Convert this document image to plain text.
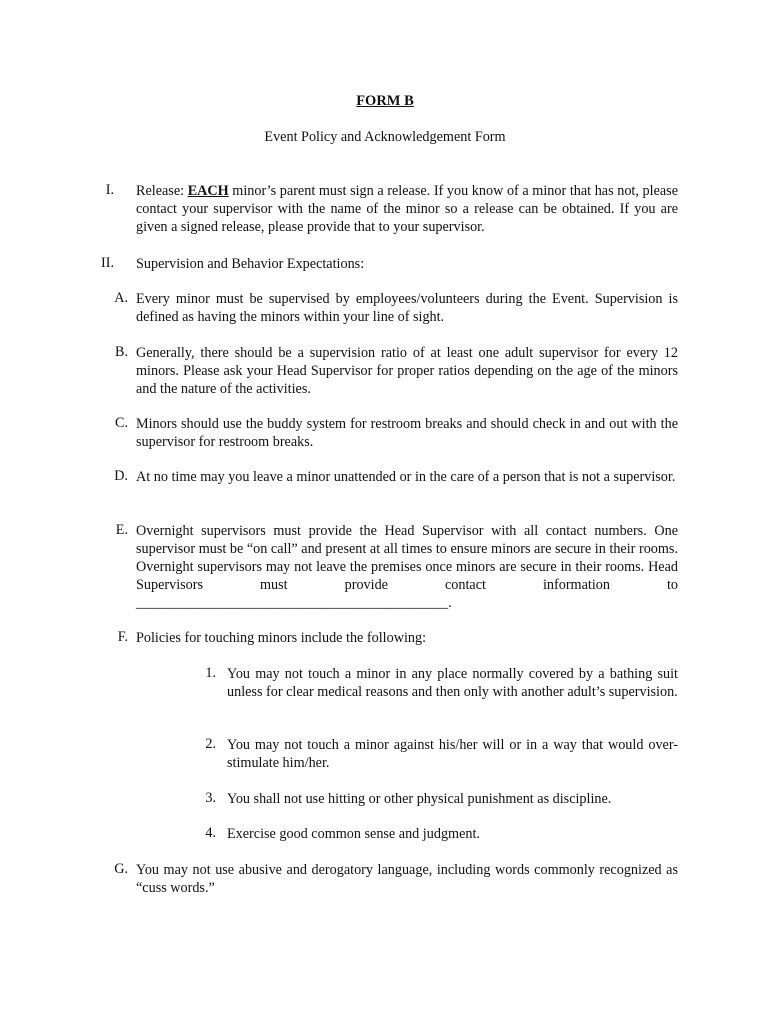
FORM B
Event Policy and Acknowledgement Form
I. Release: EACH minor’s parent must sign a release. If you know of a minor that has not, please contact your supervisor with the name of the minor so a release can be obtained. If you are given a signed release, please provide that to your supervisor.
II. Supervision and Behavior Expectations:
A. Every minor must be supervised by employees/volunteers during the Event. Supervision is defined as having the minors within your line of sight.
B. Generally, there should be a supervision ratio of at least one adult supervisor for every 12 minors. Please ask your Head Supervisor for proper ratios depending on the age of the minors and the nature of the activities.
C. Minors should use the buddy system for restroom breaks and should check in and out with the supervisor for restroom breaks.
D. At no time may you leave a minor unattended or in the care of a person that is not a supervisor.
E. Overnight supervisors must provide the Head Supervisor with all contact numbers. One supervisor must be “on call” and present at all times to ensure minors are secure in their rooms. Overnight supervisors may not leave the premises once minors are secure in their rooms. Head Supervisors must provide contact information to
____________________________________________.
F. Policies for touching minors include the following:
1. You may not touch a minor in any place normally covered by a bathing suit unless for clear medical reasons and then only with another adult’s supervision.
2. You may not touch a minor against his/her will or in a way that would over-stimulate him/her.
3. You shall not use hitting or other physical punishment as discipline.
4. Exercise good common sense and judgment.
G. You may not use abusive and derogatory language, including words commonly recognized as “cuss words.”
